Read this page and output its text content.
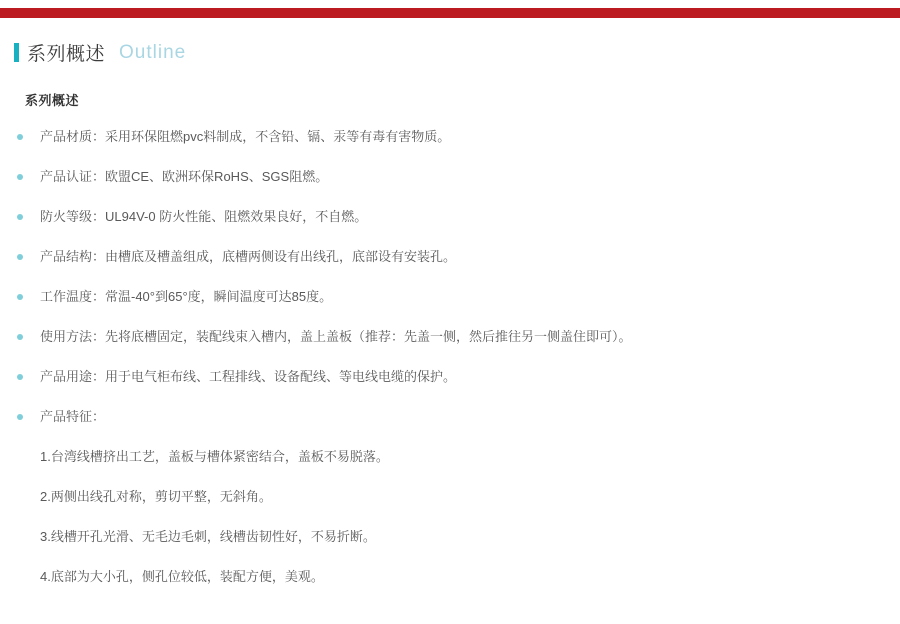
系列概述 Outline
系列概述
产品材质：采用环保阻燃pvc料制成，不含铅、镉、汞等有毒有害物质。
产品认证：欧盟CE、欧洲环保RoHS、SGS阻燃。
防火等级：UL94V-0 防火性能、阻燃效果良好，不自燃。
产品结构：由槽底及槽盖组成，底槽两侧设有出线孔，底部设有安装孔。
工作温度：常温-40°到65°度，瞬间温度可达85度。
使用方法：先将底槽固定，装配线束入槽内，盖上盖板（推荐：先盖一侧，然后推往另一侧盖住即可）。
产品用途：用于电气柜布线、工程排线、设备配线、等电线电缆的保护。
产品特征：
1.台湾线槽挤出工艺，盖板与槽体紧密结合，盖板不易脱落。
2.两侧出线孔对称，剪切平整，无斜角。
3.线槽开孔光滑、无毛边毛刺，线槽齿韧性好，不易折断。
4.底部为大小孔，侧孔位较低，装配方便，美观。
